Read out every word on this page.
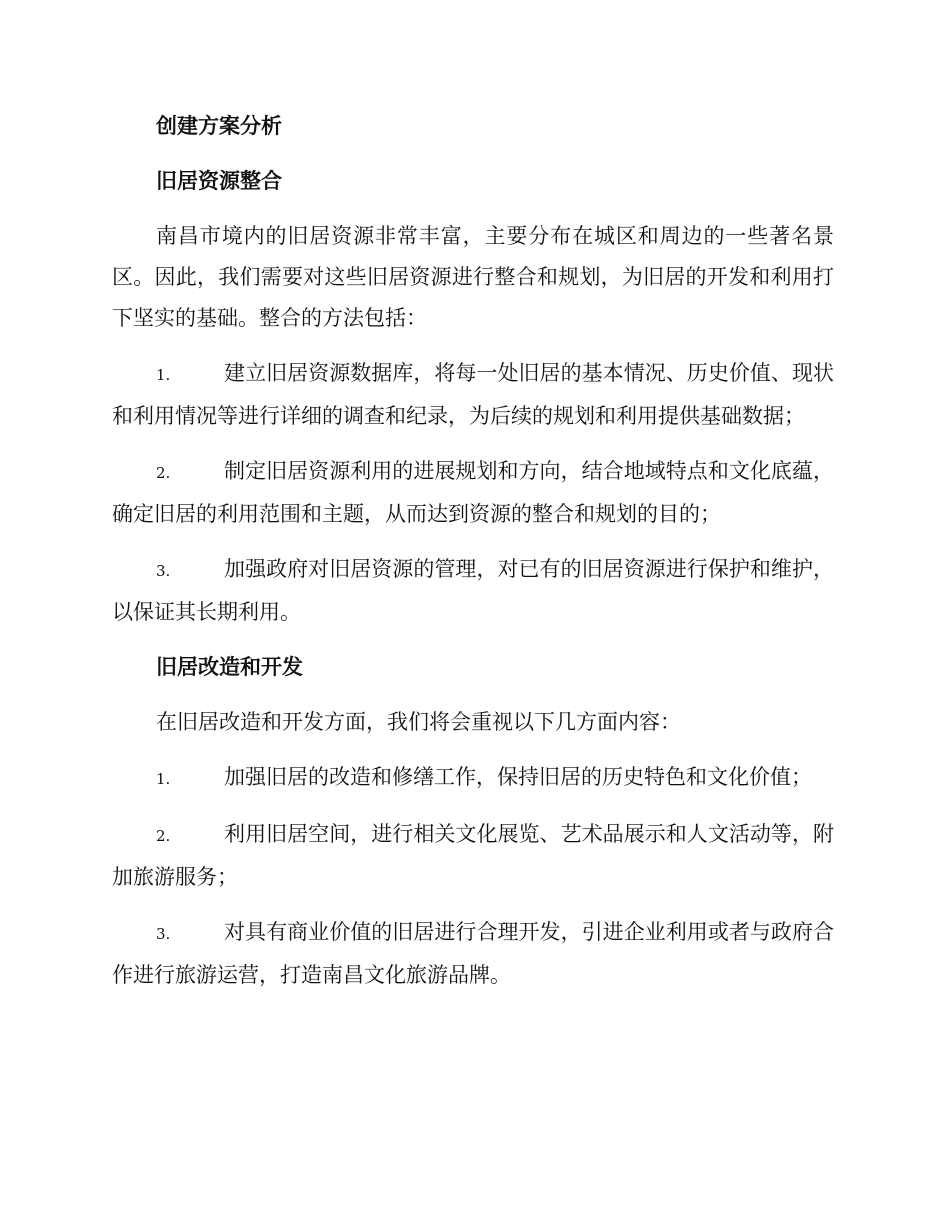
创建方案分析
旧居资源整合
南昌市境内的旧居资源非常丰富，主要分布在城区和周边的一些著名景区。因此，我们需要对这些旧居资源进行整合和规划，为旧居的开发和利用打下坚实的基础。整合的方法包括：
1.	建立旧居资源数据库，将每一处旧居的基本情况、历史价值、现状和利用情况等进行详细的调查和纪录，为后续的规划和利用提供基础数据；
2.	制定旧居资源利用的进展规划和方向，结合地域特点和文化底蕴，确定旧居的利用范围和主题，从而达到资源的整合和规划的目的；
3.	加强政府对旧居资源的管理，对已有的旧居资源进行保护和维护，以保证其长期利用。
旧居改造和开发
在旧居改造和开发方面，我们将会重视以下几方面内容：
1.	加强旧居的改造和修缮工作，保持旧居的历史特色和文化价值；
2.	利用旧居空间，进行相关文化展览、艺术品展示和人文活动等，附加旅游服务；
3.	对具有商业价值的旧居进行合理开发，引进企业利用或者与政府合作进行旅游运营，打造南昌文化旅游品牌。
